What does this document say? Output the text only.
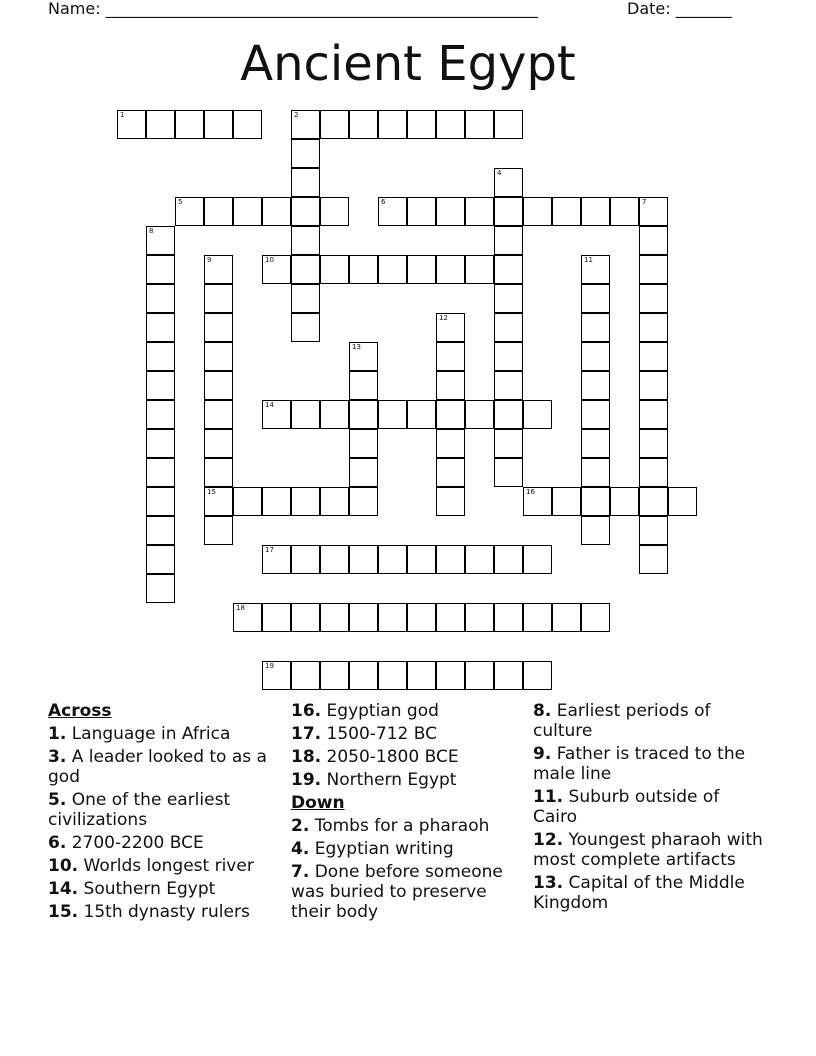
Name: ______________________________________________________	Date: _______
Ancient Egypt
1	2
5	6	7
10
14
15	16
17
18
19
4
8
9	11
12
13
Across
1. Language in Africa
3. A leader looked to as a god
5. One of the earliest civilizations
6. 2700-2200 BCE
10. Worlds longest river
14. Southern Egypt
15. 15th dynasty rulers
16. Egyptian god
17. 1500-712 BC
18. 2050-1800 BCE
19. Northern Egypt
Down
2. Tombs for a pharaoh
4. Egyptian writing
7. Done before someone was buried to preserve their body
8. Earliest periods of culture
9. Father is traced to the male line
11. Suburb outside of Cairo
12. Youngest pharaoh with most complete artifacts
13. Capital of the Middle Kingdom
